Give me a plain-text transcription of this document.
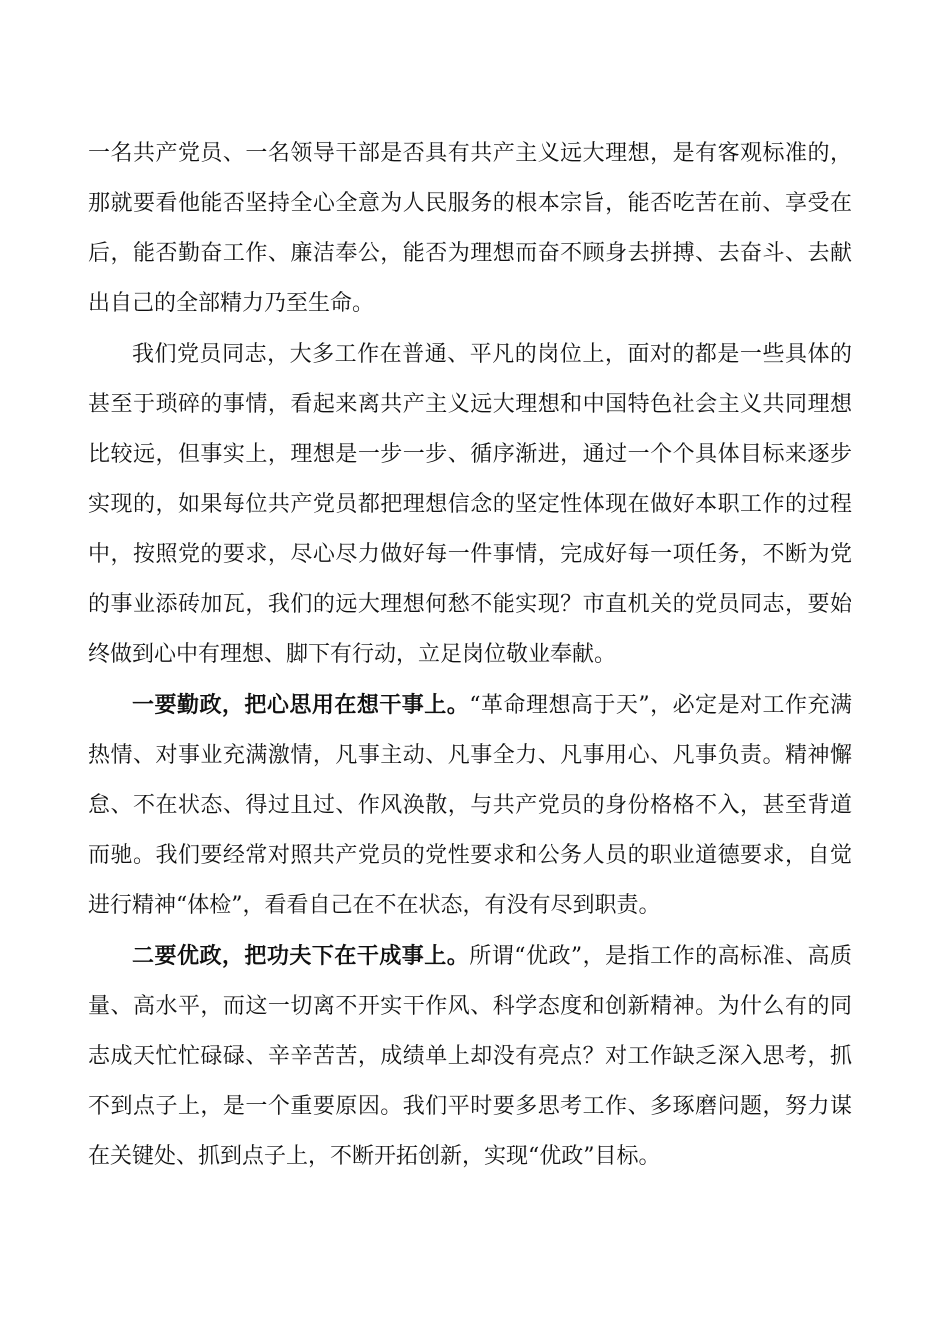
一名共产党员、一名领导干部是否具有共产主义远大理想，是有客观标准的，那就要看他能否坚持全心全意为人民服务的根本宗旨，能否吃苦在前、享受在后，能否勤奋工作、廉洁奉公，能否为理想而奋不顾身去拼搏、去奋斗、去献出自己的全部精力乃至生命。

我们党员同志，大多工作在普通、平凡的岗位上，面对的都是一些具体的甚至于琐碎的事情，看起来离共产主义远大理想和中国特色社会主义共同理想比较远，但事实上，理想是一步一步、循序渐进，通过一个个具体目标来逐步实现的，如果每位共产党员都把理想信念的坚定性体现在做好本职工作的过程中，按照党的要求，尽心尽力做好每一件事情，完成好每一项任务，不断为党的事业添砖加瓦，我们的远大理想何愁不能实现？市直机关的党员同志，要始终做到心中有理想、脚下有行动，立足岗位敬业奉献。

一要勤政，把心思用在想干事上。“革命理想高于天”，必定是对工作充满热情、对事业充满激情，凡事主动、凡事全力、凡事用心、凡事负责。精神懈怠、不在状态、得过且过、作风涣散，与共产党员的身份格格不入，甚至背道而驰。我们要经常对照共产党员的党性要求和公务人员的职业道德要求，自觉进行精神“体检”，看看自己在不在状态，有没有尽到职责。

二要优政，把功夫下在干成事上。所谓“优政”，是指工作的高标准、高质量、高水平，而这一切离不开实干作风、科学态度和创新精神。为什么有的同志成天忙忙碌碌、辛辛苦苦，成绩单上却没有亮点？对工作缺乏深入思考，抓不到点子上，是一个重要原因。我们平时要多思考工作、多琢磨问题，努力谋在关键处、抓到点子上，不断开拓创新，实现“优政”目标。
